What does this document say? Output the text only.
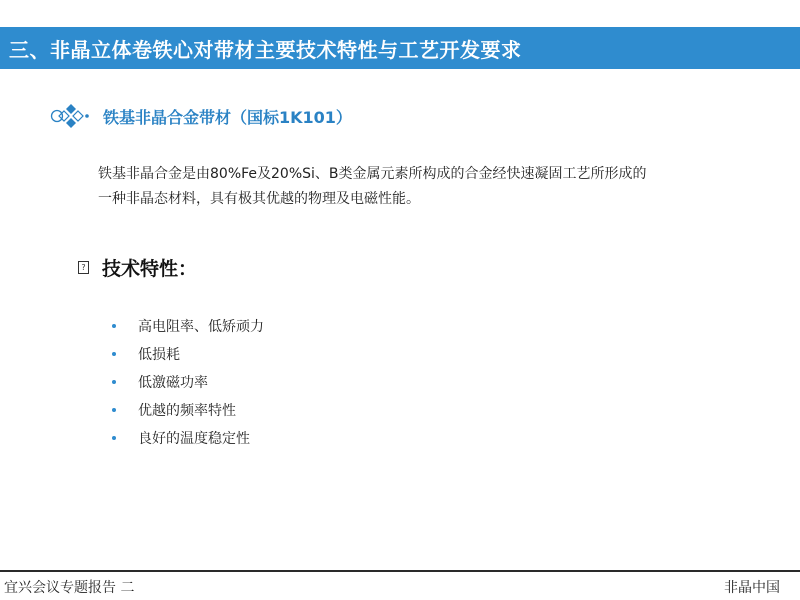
三、非晶立体卷铁心对带材主要技术特性与工艺开发要求
铁基非晶合金带材（国标1K101）

铁基非晶合金是由80%Fe及20%Si、B类金属元素所构成的合金经快速凝固工艺所形成的

一种非晶态材料，具有极其优越的物理及电磁性能。

? 技术特性：
高电阻率、低矫顽力
低损耗
低激磁功率
优越的频率特性
良好的温度稳定性
宜兴会议专题报告 二	非晶中国
